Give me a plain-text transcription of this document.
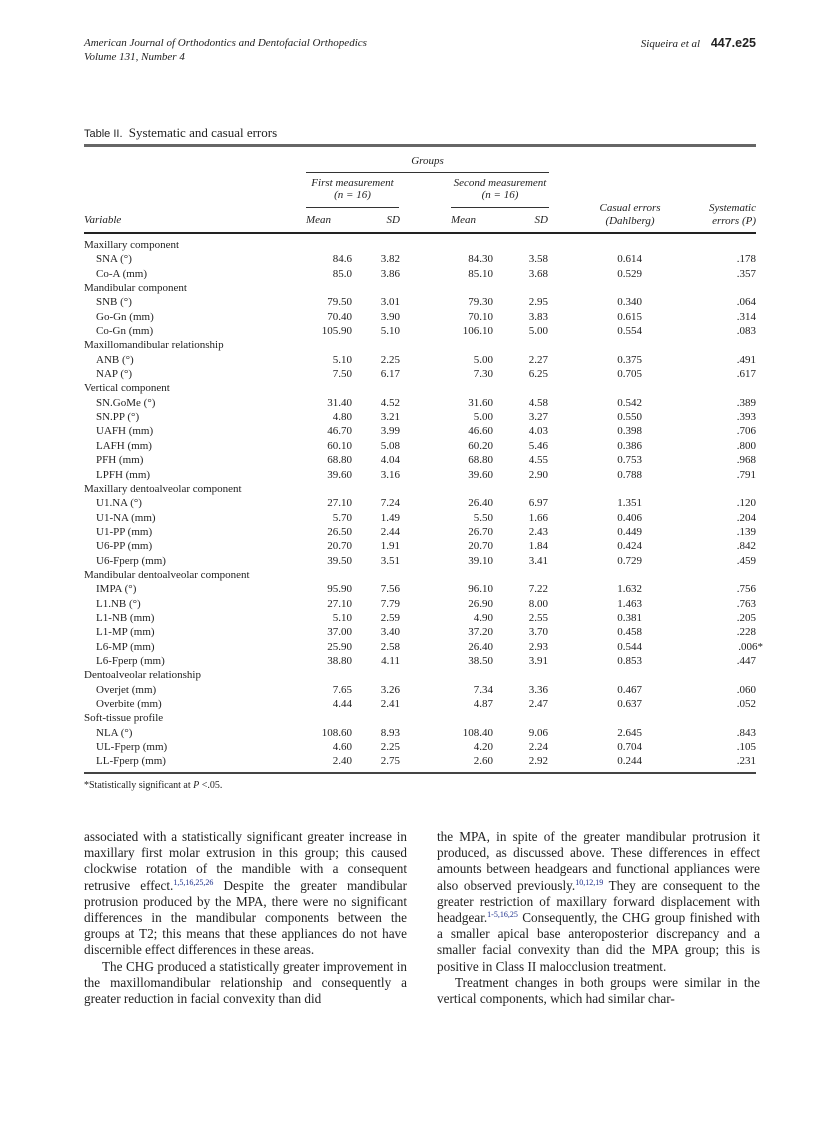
American Journal of Orthodontics and Dentofacial Orthopedics
Volume 131, Number 4
Siqueira et al 447.e25
Table II. Systematic and casual errors
Groups
First measurement
(n = 16)
Second measurement
(n = 16)
Variable	Mean	SD	Mean	SD
Casual errors
(Dahlberg)
Systematic
errors (P)
Maxillary component
SNA (°)	84.6	3.82	84.30	3.58	0.614	.178
Co-A (mm)	85.0	3.86	85.10	3.68	0.529	.357
Mandibular component
SNB (°)	79.50	3.01	79.30	2.95	0.340	.064
Go-Gn (mm)	70.40	3.90	70.10	3.83	0.615	.314
Co-Gn (mm)	105.90	5.10	106.10	5.00	0.554	.083
Maxillomandibular relationship
ANB (°)	5.10	2.25	5.00	2.27	0.375	.491
NAP (°)	7.50	6.17	7.30	6.25	0.705	.617
Vertical component
SN.GoMe (°)	31.40	4.52	31.60	4.58	0.542	.389
SN.PP (°)	4.80	3.21	5.00	3.27	0.550	.393
UAFH (mm)	46.70	3.99	46.60	4.03	0.398	.706
LAFH (mm)	60.10	5.08	60.20	5.46	0.386	.800
PFH (mm)	68.80	4.04	68.80	4.55	0.753	.968
LPFH (mm)	39.60	3.16	39.60	2.90	0.788	.791
Maxillary dentoalveolar component
U1.NA (°)	27.10	7.24	26.40	6.97	1.351	.120
U1-NA (mm)	5.70	1.49	5.50	1.66	0.406	.204
U1-PP (mm)	26.50	2.44	26.70	2.43	0.449	.139
U6-PP (mm)	20.70	1.91	20.70	1.84	0.424	.842
U6-Fperp (mm)	39.50	3.51	39.10	3.41	0.729	.459
Mandibular dentoalveolar component
IMPA (°)	95.90	7.56	96.10	7.22	1.632	.756
L1.NB (°)	27.10	7.79	26.90	8.00	1.463	.763
L1-NB (mm)	5.10	2.59	4.90	2.55	0.381	.205
L1-MP (mm)	37.00	3.40	37.20	3.70	0.458	.228
L6-MP (mm)	25.90	2.58	26.40	2.93	0.544	.006*
L6-Fperp (mm)	38.80	4.11	38.50	3.91	0.853	.447
Dentoalveolar relationship
Overjet (mm)	7.65	3.26	7.34	3.36	0.467	.060
Overbite (mm)	4.44	2.41	4.87	2.47	0.637	.052
Soft-tissue profile
NLA (°)	108.60	8.93	108.40	9.06	2.645	.843
UL-Fperp (mm)	4.60	2.25	4.20	2.24	0.704	.105
LL-Fperp (mm)	2.40	2.75	2.60	2.92	0.244	.231
*Statistically significant at P <.05.

associated with a statistically significant greater increase in maxillary first molar extrusion in this group; this caused clockwise rotation of the mandible with a consequent retrusive effect.$^{1,5,16,25,26}$ Despite the greater mandibular protrusion produced by the MPA, there were no significant differences in the mandibular components between the groups at T2; this means that these appliances do not have discernible effect differences in these areas.

The CHG produced a statistically greater improvement in the maxillomandibular relationship and consequently a greater reduction in facial convexity than did

the MPA, in spite of the greater mandibular protrusion it produced, as discussed above. These differences in effect amounts between headgears and functional appliances were also observed previously.$^{10,12,19}$ They are consequent to the greater restriction of maxillary forward displacement with headgear.$^{1-5,16,25}$ Consequently, the CHG group finished with a smaller apical base anteroposterior discrepancy and a smaller facial convexity than did the MPA group; this is positive in Class II malocclusion treatment.

Treatment changes in both groups were similar in the vertical components, which had similar char-
